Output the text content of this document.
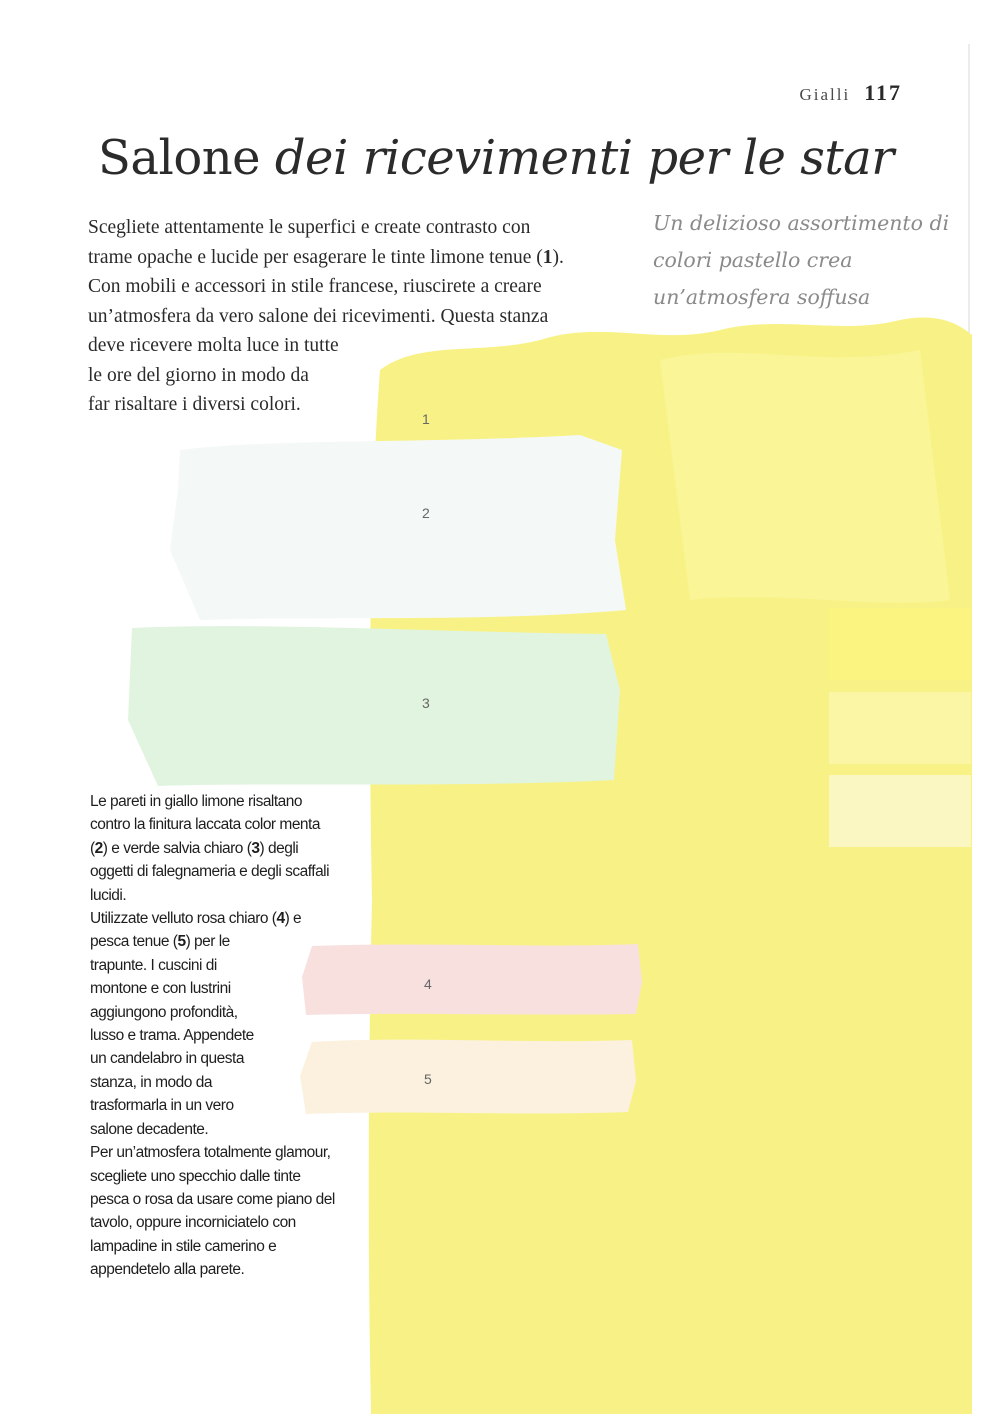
1
2
3
4
5
Gialli 117
Salone dei ricevimenti per le star

Un delizioso assortimento di colori pastello crea un’atmosfera soffusa

Scegliete attentamente le superfici e create contrasto con
trame opache e lucide per esagerare le tinte limone tenue (1).
Con mobili e accessori in stile francese, riuscirete a creare
un’atmosfera da vero salone dei ricevimenti. Questa stanza
deve ricevere molta luce in tutte
le ore del giorno in modo da
far risaltare i diversi colori.

Le pareti in giallo limone risaltano
contro la finitura laccata color menta
(2) e verde salvia chiaro (3) degli
oggetti di falegnameria e degli scaffali
lucidi.
Utilizzate velluto rosa chiaro (4) e
pesca tenue (5) per le
trapunte. I cuscini di
montone e con lustrini
aggiungono profondità,
lusso e trama. Appendete
un candelabro in questa
stanza, in modo da
trasformarla in un vero
salone decadente.
Per un’atmosfera totalmente glamour,
scegliete uno specchio dalle tinte
pesca o rosa da usare come piano del
tavolo, oppure incorniciatelo con
lampadine in stile camerino e
appendetelo alla parete.
